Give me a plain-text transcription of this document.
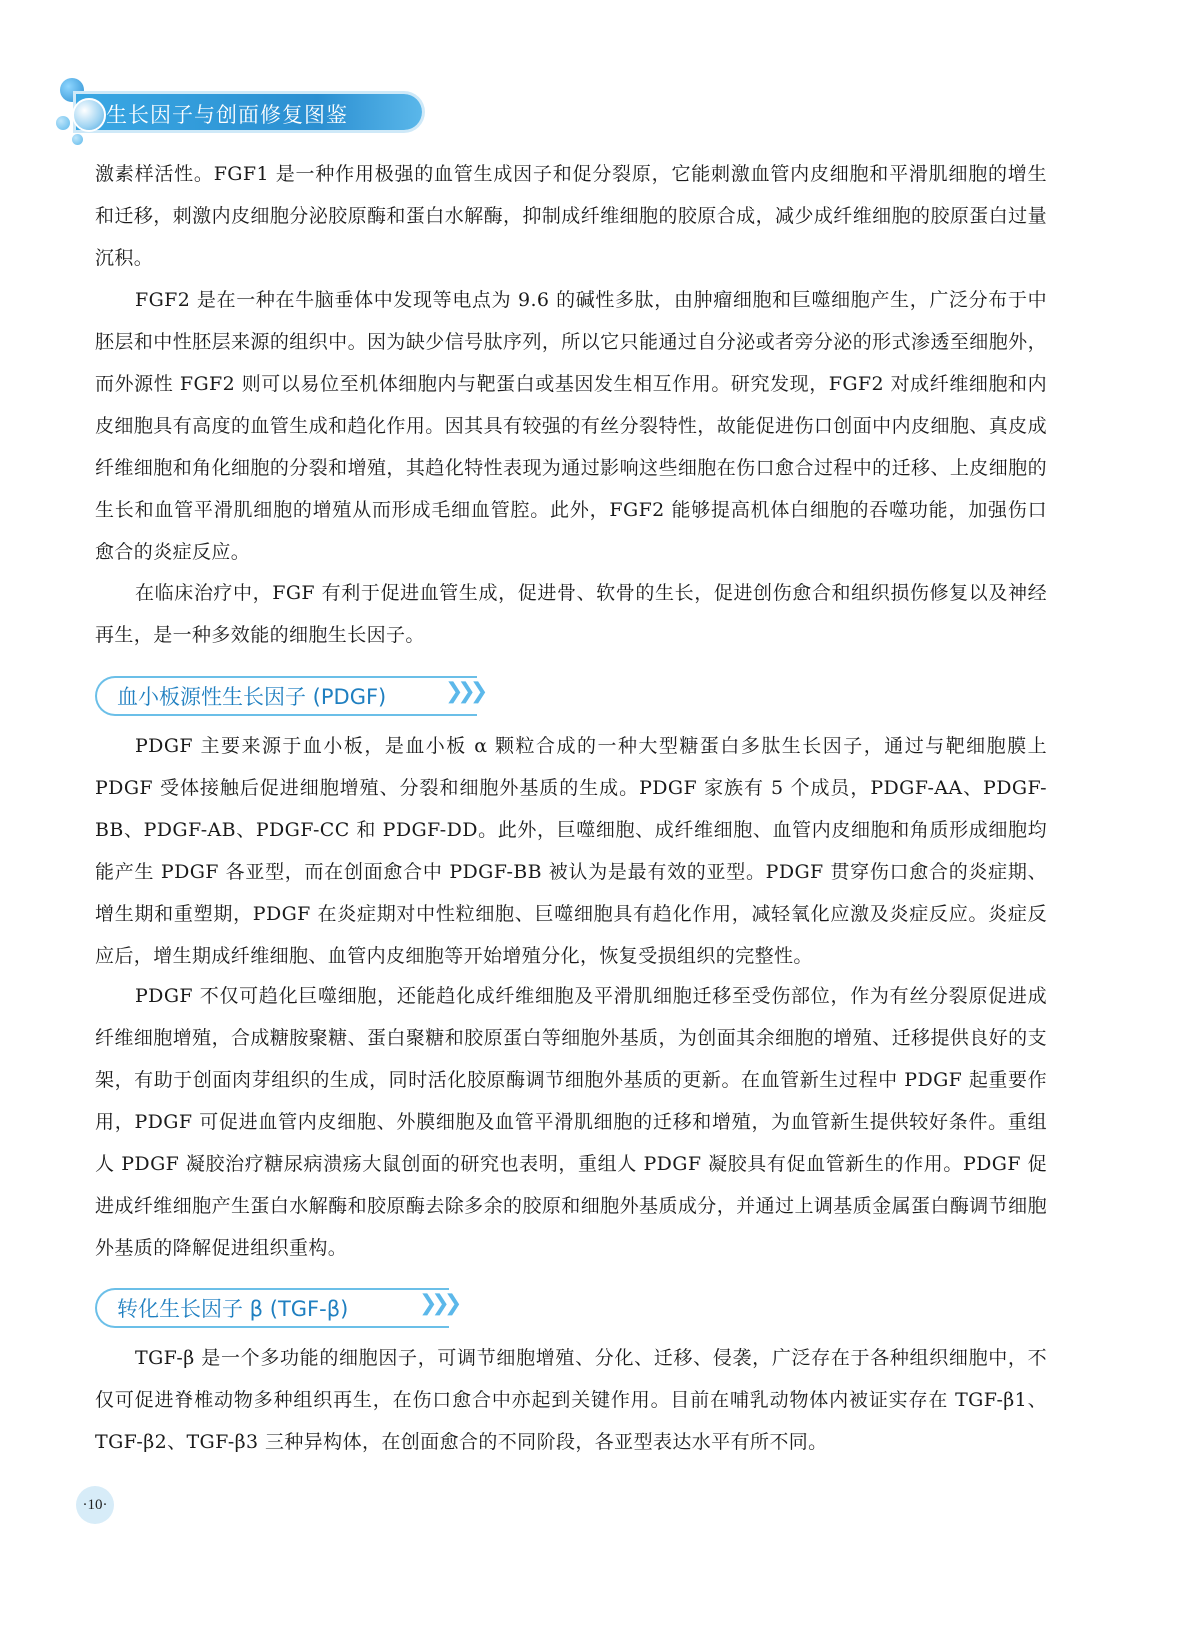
生长因子与创面修复图鉴

激素样活性。FGF1 是一种作用极强的血管生成因子和促分裂原，它能刺激血管内皮细胞和平滑肌细胞的增生和迁移，刺激内皮细胞分泌胶原酶和蛋白水解酶，抑制成纤维细胞的胶原合成，减少成纤维细胞的胶原蛋白过量沉积。

FGF2 是在一种在牛脑垂体中发现等电点为 9.6 的碱性多肽，由肿瘤细胞和巨噬细胞产生，广泛分布于中胚层和中性胚层来源的组织中。因为缺少信号肽序列，所以它只能通过自分泌或者旁分泌的形式渗透至细胞外，而外源性 FGF2 则可以易位至机体细胞内与靶蛋白或基因发生相互作用。研究发现，FGF2 对成纤维细胞和内皮细胞具有高度的血管生成和趋化作用。因其具有较强的有丝分裂特性，故能促进伤口创面中内皮细胞、真皮成纤维细胞和角化细胞的分裂和增殖，其趋化特性表现为通过影响这些细胞在伤口愈合过程中的迁移、上皮细胞的生长和血管平滑肌细胞的增殖从而形成毛细血管腔。此外，FGF2 能够提高机体白细胞的吞噬功能，加强伤口愈合的炎症反应。

在临床治疗中，FGF 有利于促进血管生成，促进骨、软骨的生长，促进创伤愈合和组织损伤修复以及神经再生，是一种多效能的细胞生长因子。

血小板源性生长因子 (PDGF)	❯❯❯

PDGF 主要来源于血小板，是血小板 α 颗粒合成的一种大型糖蛋白多肽生长因子，通过与靶细胞膜上 PDGF 受体接触后促进细胞增殖、分裂和细胞外基质的生成。PDGF 家族有 5 个成员，PDGF-AA、PDGF-BB、PDGF-AB、PDGF-CC 和 PDGF-DD。此外，巨噬细胞、成纤维细胞、血管内皮细胞和角质形成细胞均能产生 PDGF 各亚型，而在创面愈合中 PDGF-BB 被认为是最有效的亚型。PDGF 贯穿伤口愈合的炎症期、增生期和重塑期，PDGF 在炎症期对中性粒细胞、巨噬细胞具有趋化作用，减轻氧化应激及炎症反应。炎症反应后，增生期成纤维细胞、血管内皮细胞等开始增殖分化，恢复受损组织的完整性。

PDGF 不仅可趋化巨噬细胞，还能趋化成纤维细胞及平滑肌细胞迁移至受伤部位，作为有丝分裂原促进成纤维细胞增殖，合成糖胺聚糖、蛋白聚糖和胶原蛋白等细胞外基质，为创面其余细胞的增殖、迁移提供良好的支架，有助于创面肉芽组织的生成，同时活化胶原酶调节细胞外基质的更新。在血管新生过程中 PDGF 起重要作用，PDGF 可促进血管内皮细胞、外膜细胞及血管平滑肌细胞的迁移和增殖，为血管新生提供较好条件。重组人 PDGF 凝胶治疗糖尿病溃疡大鼠创面的研究也表明，重组人 PDGF 凝胶具有促血管新生的作用。PDGF 促进成纤维细胞产生蛋白水解酶和胶原酶去除多余的胶原和细胞外基质成分，并通过上调基质金属蛋白酶调节细胞外基质的降解促进组织重构。

转化生长因子 β (TGF-β)	❯❯❯

TGF-β 是一个多功能的细胞因子，可调节细胞增殖、分化、迁移、侵袭，广泛存在于各种组织细胞中，不仅可促进脊椎动物多种组织再生，在伤口愈合中亦起到关键作用。目前在哺乳动物体内被证实存在 TGF-β1、TGF-β2、TGF-β3 三种异构体，在创面愈合的不同阶段，各亚型表达水平有所不同。

·10·
